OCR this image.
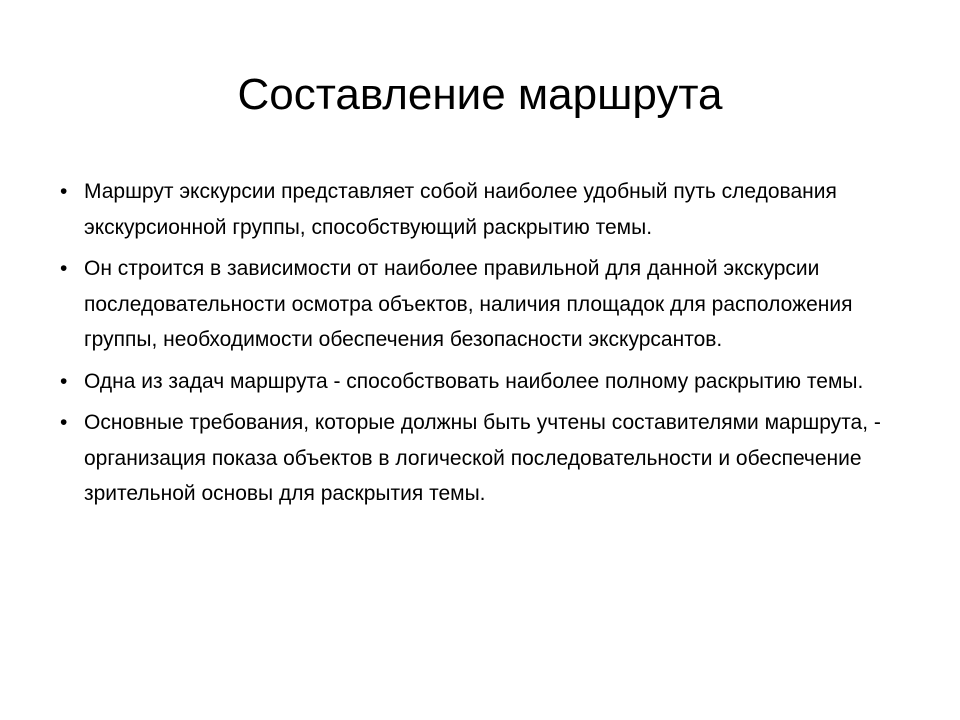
Составление маршрута
• Маршрут экскурсии представляет собой наиболее удобный путь следования экскурсионной группы, способствующий раскрытию темы.
• Он строится в зависимости от наиболее правильной для данной экскурсии последовательности осмотра объектов, наличия площадок для расположения группы, необходимости обеспечения безопасности экскурсантов.
• Одна из задач маршрута - способствовать наиболее полному раскрытию темы.
• Основные требования, которые должны быть учтены составителями маршрута, - организация показа объектов в логической последовательности и обеспечение зрительной основы для раскрытия темы.
